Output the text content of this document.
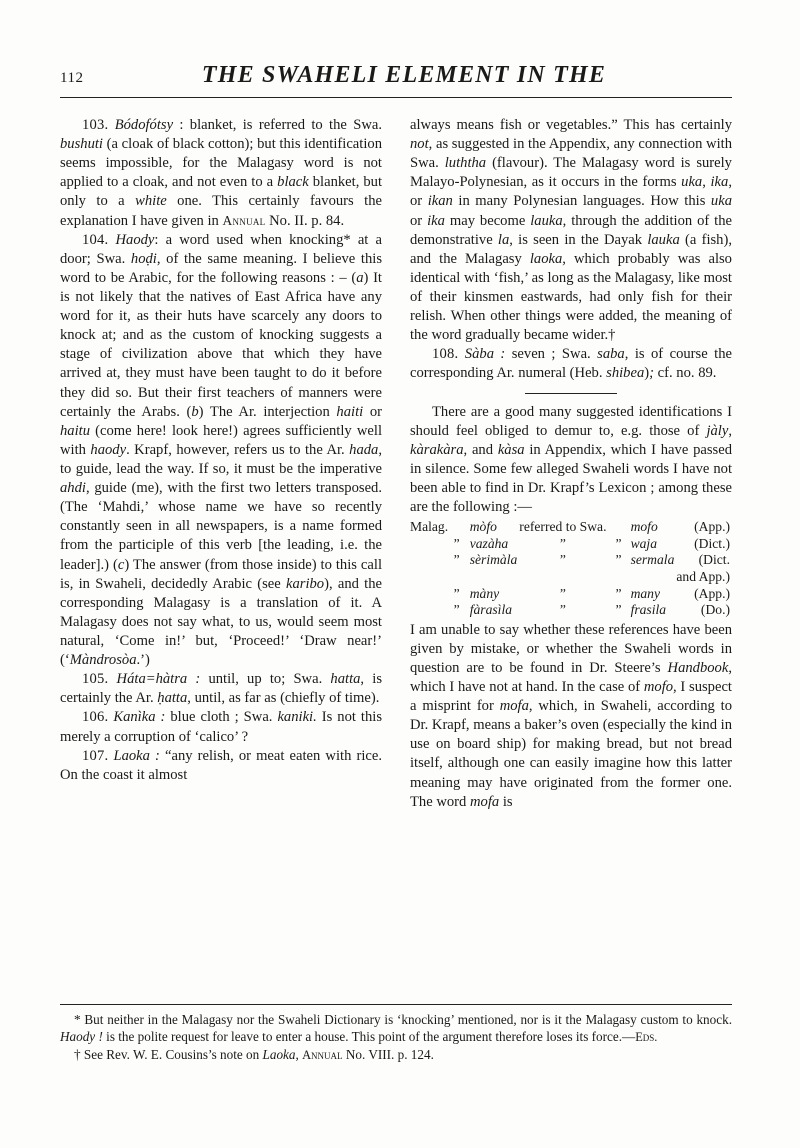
112	THE SWAHELI ELEMENT IN THE

103. Bódofótsy : blanket, is referred to the Swa. bushuti (a cloak of black cotton); but this identification seems impossible, for the Malagasy word is not applied to a cloak, and not even to a black blanket, but only to a white one. This certainly favours the explanation I have given in Annual No. II. p. 84.

104. Haody: a word used when knocking* at a door; Swa. hoḍi, of the same meaning. I believe this word to be Arabic, for the following reasons : – (a) It is not likely that the natives of East Africa have any word for it, as their huts have scarcely any doors to knock at; and as the custom of knocking suggests a stage of civilization above that which they have arrived at, they must have been taught to do it before they did so. But their first teachers of manners were certainly the Arabs. (b) The Ar. interjection haiti or haitu (come here! look here!) agrees sufficiently well with haody. Krapf, however, refers us to the Ar. hada, to guide, lead the way. If so, it must be the imperative ahdi, guide (me), with the first two letters transposed. (The ‘Mahdi,’ whose name we have so recently constantly seen in all newspapers, is a name formed from the participle of this verb [the leading, i.e. the leader].) (c) The answer (from those inside) to this call is, in Swaheli, decidedly Arabic (see karibo), and the corresponding Malagasy is a translation of it. A Malagasy does not say what, to us, would seem most natural, ‘Come in!’ but, ‘Proceed!’ ‘Draw near!’ (‘Màndrosòa.’)

105. Háta=hàtra : until, up to; Swa. hatta, is certainly the Ar. ḥatta, until, as far as (chiefly of time).

106. Kanìka : blue cloth ; Swa. kaniki. Is not this merely a corruption of ‘calico’ ?

107. Laoka : “any relish, or meat eaten with rice. On the coast it almost

always means fish or vegetables.” This has certainly not, as suggested in the Appendix, any connection with Swa. luththa (flavour). The Malagasy word is surely Malayo-Polynesian, as it occurs in the forms uka, ika, or ikan in many Polynesian languages. How this uka or ika may become lauka, through the addition of the demonstrative la, is seen in the Dayak lauka (a fish), and the Malagasy laoka, which probably was also identical with ‘fish,’ as long as the Malagasy, like most of their kinsmen eastwards, had only fish for their relish. When other things were added, the meaning of the word gradually became wider.†

108. Sàba : seven ; Swa. saba, is of course the corresponding Ar. numeral (Heb. shibea); cf. no. 89.

There are a good many suggested identifications I should feel obliged to demur to, e.g. those of jàly, kàrakàra, and kàsa in Appendix, which I have passed in silence. Some few alleged Swaheli words I have not been able to find in Dr. Krapf’s Lexicon ; among these are the following :—

Malag.	mòfo	referred to Swa.		mofo	(App.)
”	vazàha	”	”	waja	(Dict.)
”	sèrimàla	”	”	sermala	(Dict.
					and App.)
”	màny	”	”	many	(App.)
”	fàrasìla	”	”	frasila	(Do.)

I am unable to say whether these references have been given by mistake, or whether the Swaheli words in question are to be found in Dr. Steere’s Handbook, which I have not at hand. In the case of mofo, I suspect a misprint for mofa, which, in Swaheli, according to Dr. Krapf, means a baker’s oven (especially the kind in use on board ship) for making bread, but not bread itself, although one can easily imagine how this latter meaning may have originated from the former one. The word mofa is

* But neither in the Malagasy nor the Swaheli Dictionary is ‘knocking’ mentioned, nor is it the Malagasy custom to knock. Haody ! is the polite request for leave to enter a house. This point of the argument therefore loses its force.—Eds.

† See Rev. W. E. Cousins’s note on Laoka, Annual No. VIII. p. 124.
